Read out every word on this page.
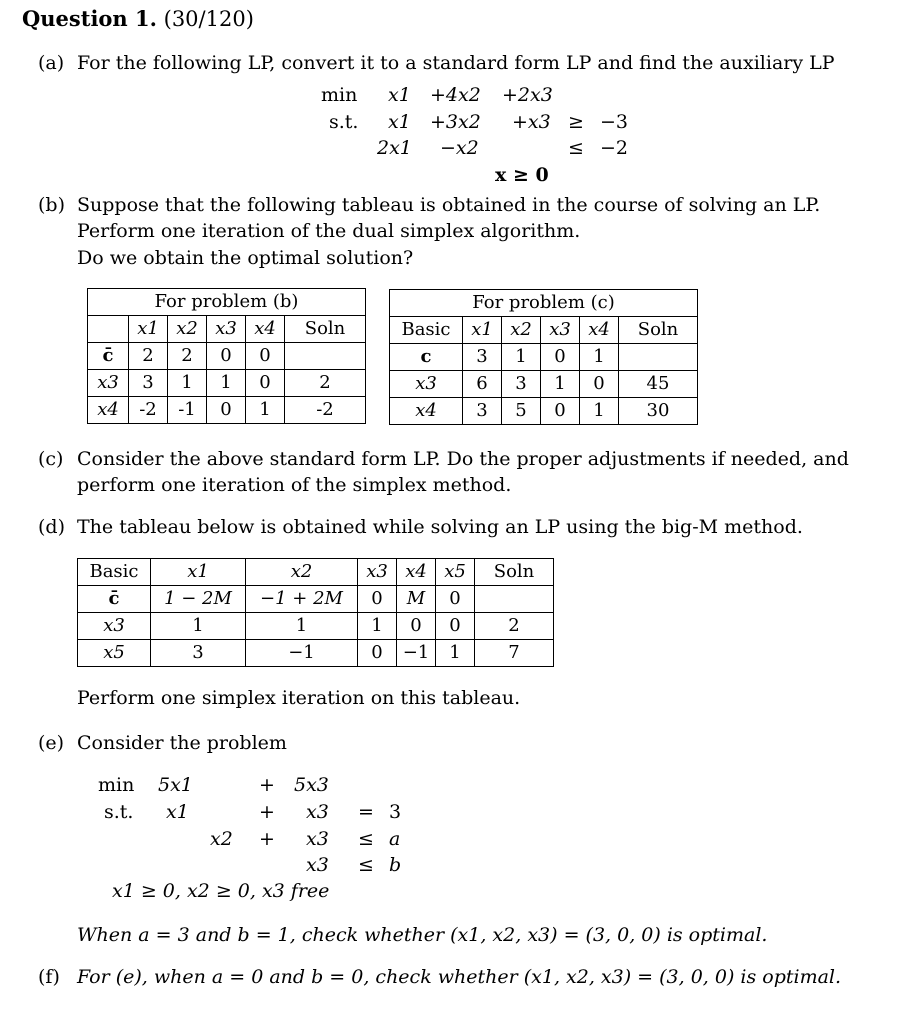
Question 1. (30/120)
(a) For the following LP, convert it to a standard form LP and find the auxiliary LP
min
s.t.
x1 +4x2 +2x3
x1 +3x2 +x3 ≥ −3
2x1 −x2	≤ −2
x ≥ 0
(b) Suppose that the following tableau is obtained in the course of solving an LP.
Perform one iteration of the dual simplex algorithm.
Do we obtain the optimal solution?
For problem (b)					
	x1	x2	x3	x4	Soln
c̄	2	2	0	0	
x3	3	1	1	0	2
x4	-2	-1	0	1	-2
For problem (c)					
Basic	x1	x2	x3	x4	Soln
c	3	1	0	1	
x3	6	3	1	0	45
x4	3	5	0	1	30
(c) Consider the above standard form LP. Do the proper adjustments if needed, and
perform one iteration of the simplex method.
(d) The tableau below is obtained while solving an LP using the big-M method.
Basic	x1	x2	x3	x4	x5	Soln
c̄	1 − 2M	−1 + 2M	0	M	0	
x3	1	1	1	0	0	2
x5	3	−1	0	−1	1	7
Perform one simplex iteration on this tableau.
(e) Consider the problem
min
s.t.
5x1	+ 5x3
x1	+ x3 = 3
x2 + x3 ≤ a
x3 ≤ b
x1 ≥ 0, x2 ≥ 0, x3 free
When a = 3 and b = 1, check whether (x1, x2, x3) = (3, 0, 0) is optimal.
(f) For (e), when a = 0 and b = 0, check whether (x1, x2, x3) = (3, 0, 0) is optimal.
